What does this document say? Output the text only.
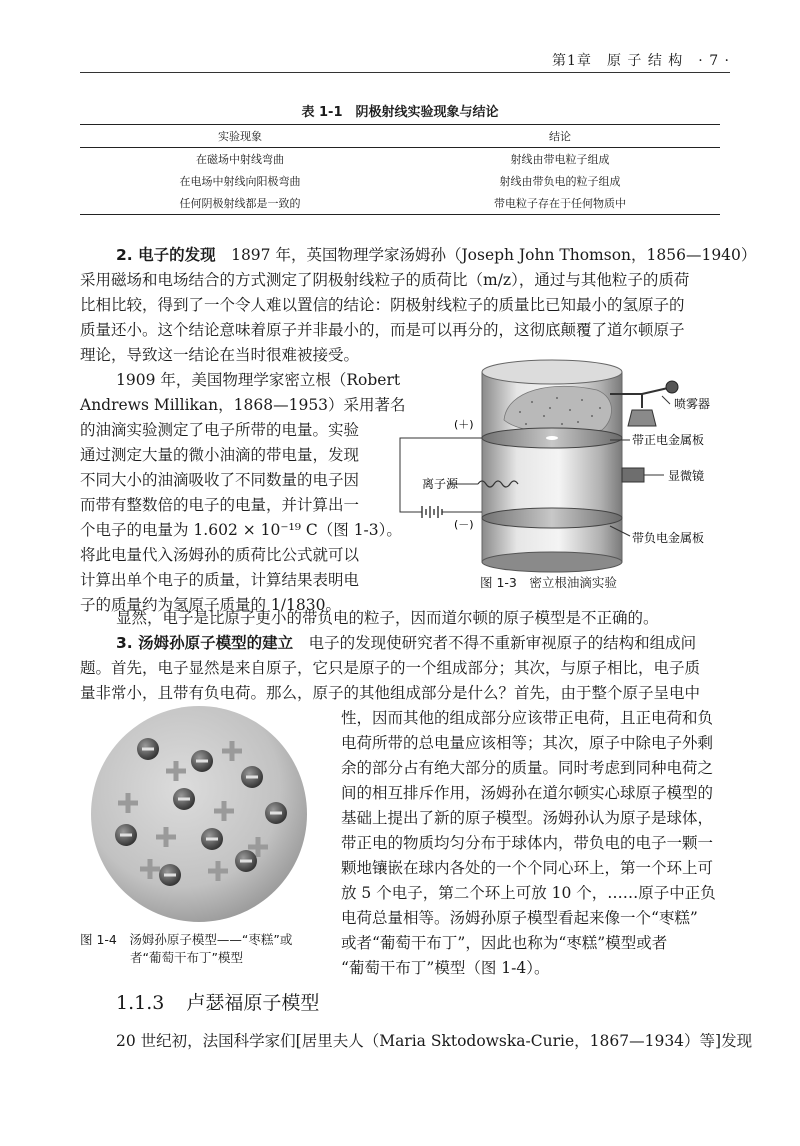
第1章　原 子 结 构　· 7 ·
表 1-1　阴极射线实验现象与结论
实验现象	结论
在磁场中射线弯曲	射线由带电粒子组成
在电场中射线向阳极弯曲	射线由带负电的粒子组成
任何阴极射线都是一致的	带电粒子存在于任何物质中
2. 电子的发现　1897 年，英国物理学家汤姆孙（Joseph John Thomson，1856—1940）
采用磁场和电场结合的方式测定了阴极射线粒子的质荷比（m/z），通过与其他粒子的质荷
比相比较，得到了一个令人难以置信的结论：阴极射线粒子的质量比已知最小的氢原子的
质量还小。这个结论意味着原子并非最小的，而是可以再分的，这彻底颠覆了道尔顿原子
理论，导致这一结论在当时很难被接受。
1909 年，美国物理学家密立根（Robert
Andrews Millikan，1868—1953）采用著名
的油滴实验测定了电子所带的电量。实验
通过测定大量的微小油滴的带电量，发现
不同大小的油滴吸收了不同数量的电子因
而带有整数倍的电子的电量，并计算出一
个电子的电量为 1.602 × 10⁻¹⁹ C（图 1-3）。
将此电量代入汤姆孙的质荷比公式就可以
计算出单个电子的质量，计算结果表明电
子的质量约为氢原子质量的 1/1830。
(＋)
(－)
离子源
喷雾器
带正电金属板
显微镜
带负电金属板
图 1-3　密立根油滴实验
显然，电子是比原子更小的带负电的粒子，因而道尔顿的原子模型是不正确的。
3. 汤姆孙原子模型的建立　电子的发现使研究者不得不重新审视原子的结构和组成问
题。首先，电子显然是来自原子，它只是原子的一个组成部分；其次，与原子相比，电子质
量非常小，且带有负电荷。那么，原子的其他组成部分是什么？首先，由于整个原子呈电中
图 1-4　汤姆孙原子模型——“枣糕”或
者“葡萄干布丁”模型
性，因而其他的组成部分应该带正电荷，且正电荷和负
电荷所带的总电量应该相等；其次，原子中除电子外剩
余的部分占有绝大部分的质量。同时考虑到同种电荷之
间的相互排斥作用，汤姆孙在道尔顿实心球原子模型的
基础上提出了新的原子模型。汤姆孙认为原子是球体，
带正电的物质均匀分布于球体内，带负电的电子一颗一
颗地镶嵌在球内各处的一个个同心环上，第一个环上可
放 5 个电子，第二个环上可放 10 个，……原子中正负
电荷总量相等。汤姆孙原子模型看起来像一个“枣糕”
或者“葡萄干布丁”，因此也称为“枣糕”模型或者
“葡萄干布丁”模型（图 1-4）。
1.1.3 卢瑟福原子模型
20 世纪初，法国科学家们[居里夫人（Maria Sktodowska-Curie，1867—1934）等]发现
